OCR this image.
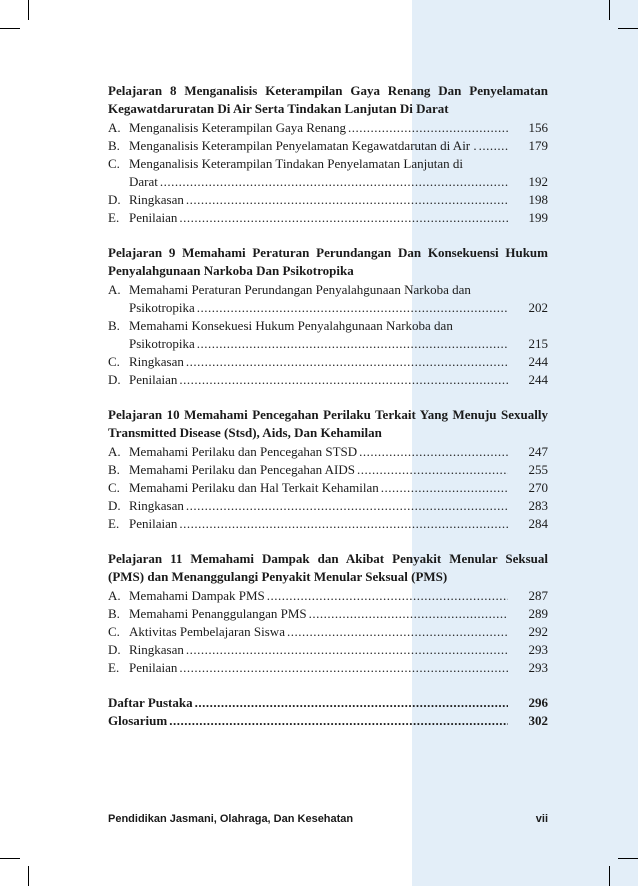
Pelajaran 8 Menganalisis Keterampilan Gaya Renang Dan Penyelamatan Kegawatdaruratan Di Air Serta Tindakan Lanjutan Di Darat
A. Menganalisis Keterampilan Gaya Renang .....	156
B. Menganalisis Keterampilan Penyelamatan Kegawatdarutan di Air . .....	179
C. Menganalisis Keterampilan Tindakan Penyelamatan Lanjutan di
Darat .....	192
D. Ringkasan .....	198
E. Penilaian .....	199
Pelajaran 9 Memahami Peraturan Perundangan Dan Konsekuensi Hukum Penyalahgunaan Narkoba Dan Psikotropika
A. Memahami Peraturan Perundangan Penyalahgunaan Narkoba dan
Psikotropika .....	202
B. Memahami Konsekuesi Hukum Penyalahgunaan Narkoba dan
Psikotropika .....	215
C. Ringkasan .....	244
D. Penilaian .....	244
Pelajaran 10 Memahami Pencegahan Perilaku Terkait Yang Menuju Sexually Transmitted Disease (Stsd), Aids, Dan Kehamilan
A. Memahami Perilaku dan Pencegahan STSD .....	247
B. Memahami Perilaku dan Pencegahan AIDS .....	255
C. Memahami Perilaku dan Hal Terkait Kehamilan .....	270
D. Ringkasan .....	283
E. Penilaian .....	284
Pelajaran 11 Memahami Dampak dan Akibat Penyakit Menular Seksual (PMS) dan Menanggulangi Penyakit Menular Seksual (PMS)
A. Memahami Dampak PMS .....	287
B. Memahami Penanggulangan PMS .....	289
C. Aktivitas Pembelajaran Siswa .....	292
D. Ringkasan .....	293
E. Penilaian .....	293
Daftar Pustaka .....	296
Glosarium .....	302
Pendidikan Jasmani, Olahraga, Dan Kesehatan	vii
